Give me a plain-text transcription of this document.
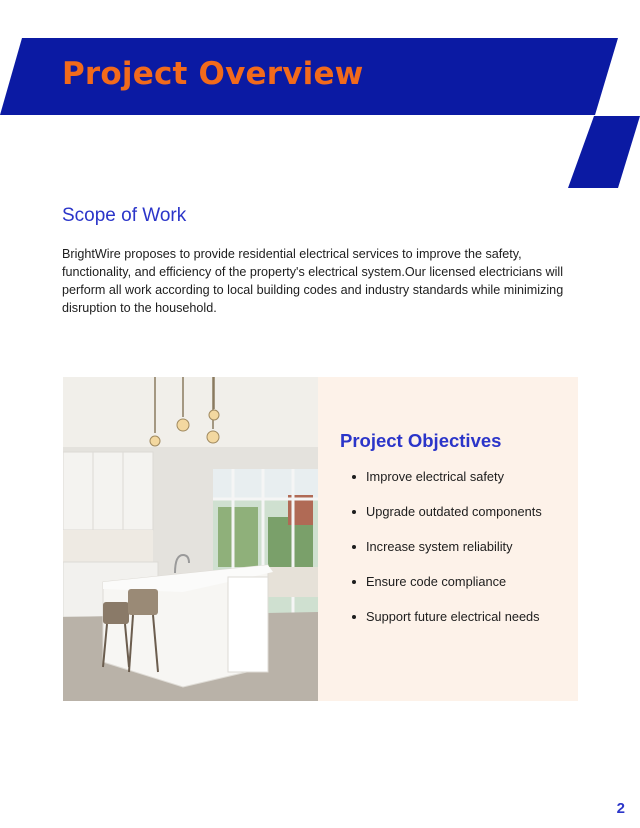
Project Overview
Scope of Work

BrightWire proposes to provide residential electrical services to improve the safety, functionality, and efficiency of the property's electrical system.Our licensed electricians will perform all work according to local building codes and industry standards while minimizing disruption to the household.

Project Objectives
Improve electrical safety
Upgrade outdated components
Increase system reliability
Ensure code compliance
Support future electrical needs
2
